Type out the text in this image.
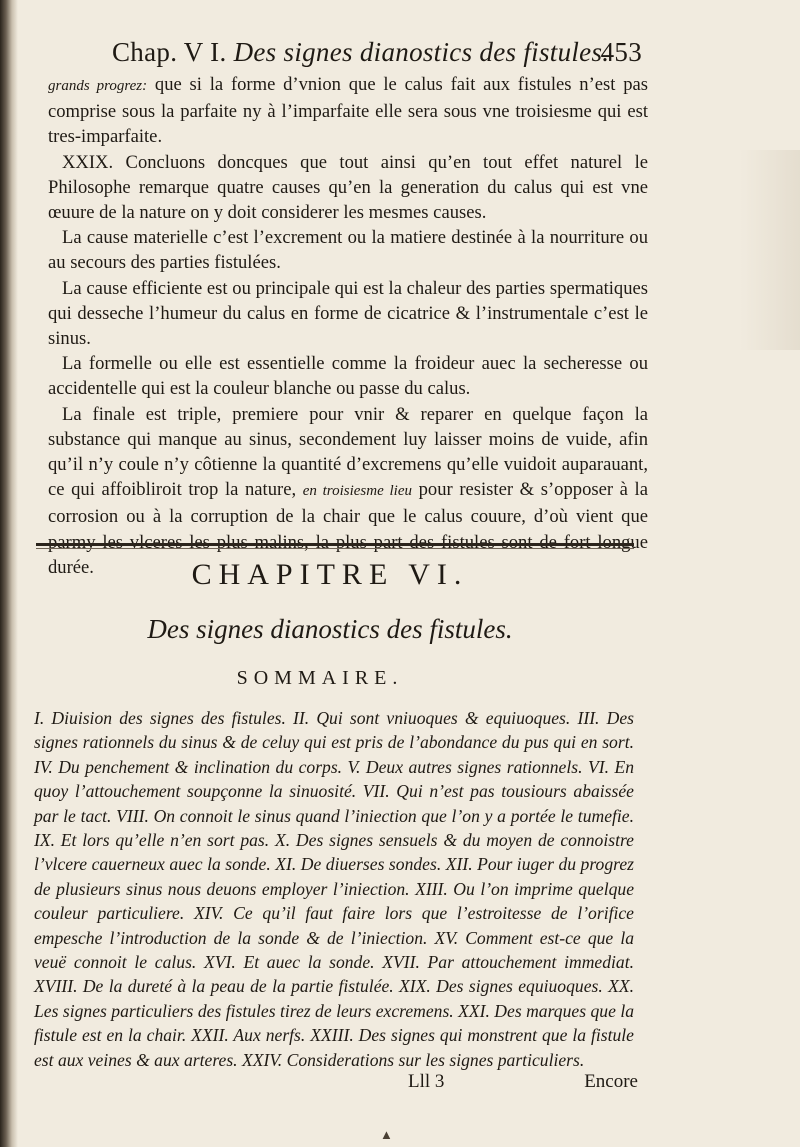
Chap. V I. Des signes dianostics des fistules.
453

grands progrez: que si la forme d’vnion que le calus fait aux fistules n’est pas comprise sous la parfaite ny à l’imparfaite elle sera sous vne troisiesme qui est tres-imparfaite.

XXIX. Concluons doncques que tout ainsi qu’en tout effet naturel le Philosophe remarque quatre causes qu’en la generation du calus qui est vne œuure de la nature on y doit considerer les mesmes causes.

La cause materielle c’est l’excrement ou la matiere destinée à la nourriture ou au secours des parties fistulées.

La cause efficiente est ou principale qui est la chaleur des parties spermatiques qui desseche l’humeur du calus en forme de cicatrice & l’instrumentale c’est le sinus.

La formelle ou elle est essentielle comme la froideur auec la secheresse ou accidentelle qui est la couleur blanche ou passe du calus.

La finale est triple, premiere pour vnir & reparer en quelque façon la substance qui manque au sinus, secondement luy laisser moins de vuide, afin qu’il n’y coule n’y côtienne la quantité d’excremens qu’elle vuidoit auparauant, ce qui affoibliroit trop la nature, en troisiesme lieu pour resister & s’opposer à la corrosion ou à la corruption de la chair que le calus couure, d’où vient que parmy les vlceres les plus malins, la plus part des fistules sont de fort longue durée.	CHAPITRE VI.
Des signes dianostics des fistules.
SOMMAIRE.
I. Diuision des signes des fistules. II. Qui sont vniuoques & equiuoques. III. Des signes rationnels du sinus & de celuy qui est pris de l’abondance du pus qui en sort. IV. Du penchement & inclination du corps. V. Deux autres signes rationnels. VI. En quoy l’attouchement soupçonne la sinuosité. VII. Qui n’est pas tousiours abaissée par le tact. VIII. On connoit le sinus quand l’iniection que l’on y a portée le tumefie. IX. Et lors qu’elle n’en sort pas. X. Des signes sensuels & du moyen de connoistre l’vlcere cauerneux auec la sonde. XI. De diuerses sondes. XII. Pour iuger du progrez de plusieurs sinus nous deuons employer l’iniection. XIII. Ou l’on imprime quelque couleur particuliere. XIV. Ce qu’il faut faire lors que l’estroitesse de l’orifice empesche l’introduction de la sonde & de l’iniection. XV. Comment est-ce que la veuë connoit le calus. XVI. Et auec la sonde. XVII. Par attouchement immediat. XVIII. De la dureté à la peau de la partie fistulée. XIX. Des signes equiuoques. XX. Les signes particuliers des fistules tirez de leurs excremens. XXI. Des marques que la fistule est en la chair. XXII. Aux nerfs. XXIII. Des signes qui monstrent que la fistule est aux veines & aux arteres. XXIV. Considerations sur les signes particuliers.
Lll 3	Encore
▲
